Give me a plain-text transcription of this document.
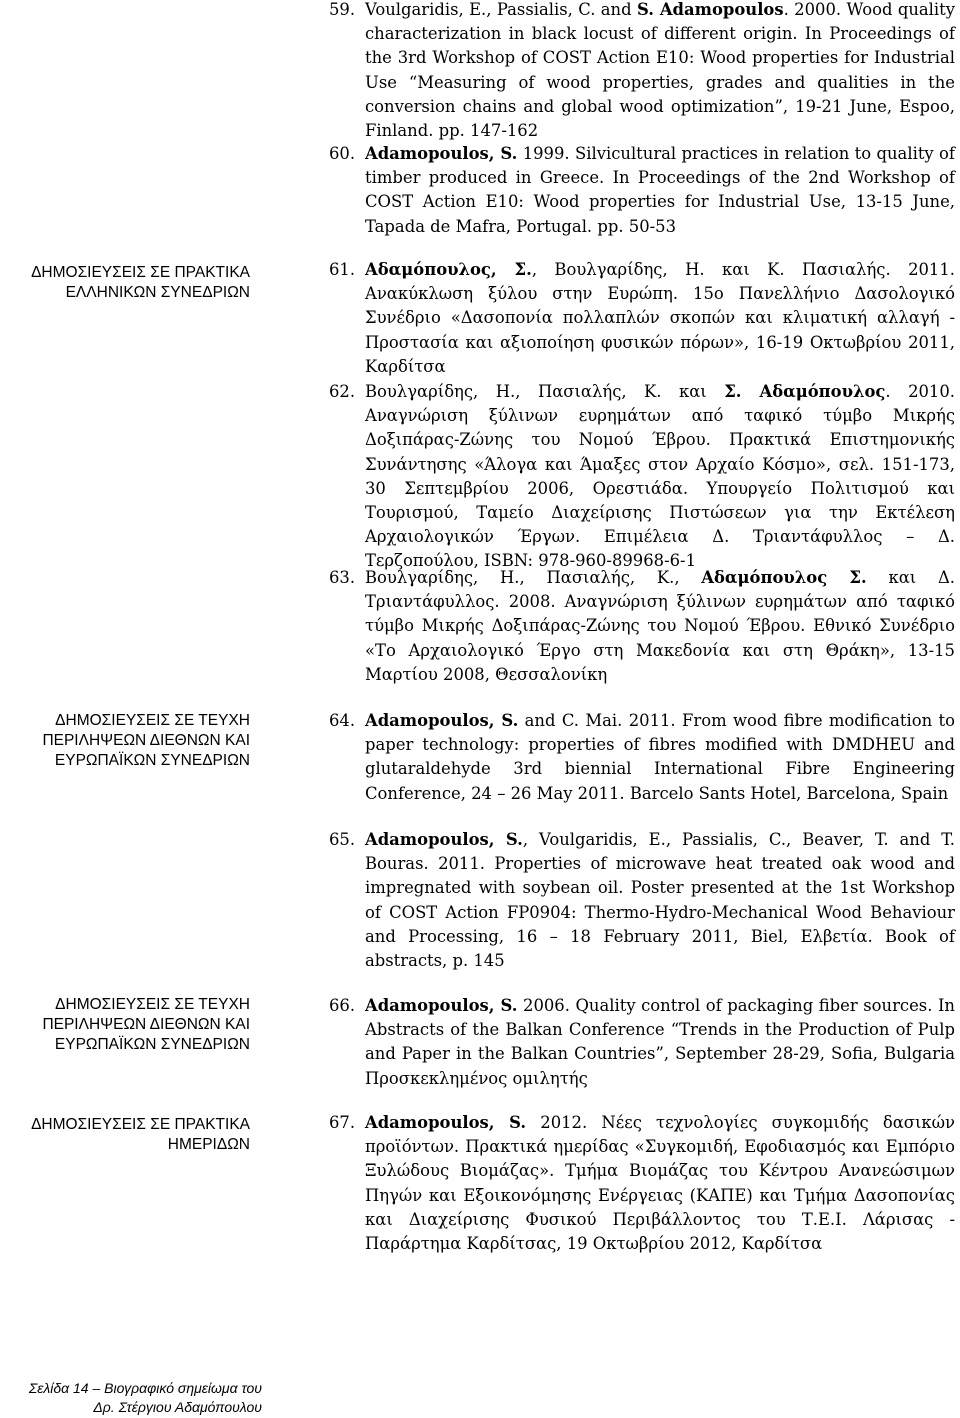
ΔΗΜΟΣΙΕΥΣΕΙΣ ΣΕ ΠΡΑΚΤΙΚΑ
ΕΛΛΗΝΙΚΩΝ ΣΥΝΕΔΡΙΩΝ
ΔΗΜΟΣΙΕΥΣΕΙΣ ΣΕ ΤΕΥΧΗ
ΠΕΡΙΛΗΨΕΩΝ ΔΙΕΘΝΩΝ ΚΑΙ
ΕΥΡΩΠΑΪΚΩΝ ΣΥΝΕΔΡΙΩΝ
ΔΗΜΟΣΙΕΥΣΕΙΣ ΣΕ ΤΕΥΧΗ
ΠΕΡΙΛΗΨΕΩΝ ΔΙΕΘΝΩΝ ΚΑΙ
ΕΥΡΩΠΑΪΚΩΝ ΣΥΝΕΔΡΙΩΝ
ΔΗΜΟΣΙΕΥΣΕΙΣ ΣΕ ΠΡΑΚΤΙΚΑ
ΗΜΕΡΙΔΩΝ
59. Voulgaridis, E., Passialis, C. and S. Adamopoulos. 2000. Wood quality characterization in black locust of different origin. In Proceedings of the 3rd Workshop of COST Action E10: Wood properties for Industrial Use “Measuring of wood properties, grades and qualities in the conversion chains and global wood optimization”, 19-21 June, Espoo, Finland. pp. 147-162
60. Adamopoulos, S. 1999. Silvicultural practices in relation to quality of timber produced in Greece. In Proceedings of the 2nd Workshop of COST Action E10: Wood properties for Industrial Use, 13-15 June, Tapada de Mafra, Portugal. pp. 50-53
61. Αδαμόπουλος, Σ., Βουλγαρίδης, Η. και Κ. Πασιαλής. 2011. Ανακύκλωση ξύλου στην Ευρώπη. 15ο Πανελλήνιο Δασολογικό Συνέδριο «Δασοπονία πολλαπλών σκοπών και κλιματική αλλαγή - Προστασία και αξιοποίηση φυσικών πόρων», 16-19 Οκτωβρίου 2011, Καρδίτσα
62. Βουλγαρίδης, Η., Πασιαλής, Κ. και Σ. Αδαμόπουλος. 2010. Αναγνώριση ξύλινων ευρημάτων από ταφικό τύμβο Μικρής Δοξιπάρας-Ζώνης του Νομού Έβρου. Πρακτικά Επιστημονικής Συνάντησης «Άλογα και Άμαξες στον Αρχαίο Κόσμο», σελ. 151-173, 30 Σεπτεμβρίου 2006, Ορεστιάδα. Υπουργείο Πολιτισμού και Τουρισμού, Ταμείο Διαχείρισης Πιστώσεων για την Εκτέλεση Αρχαιολογικών Έργων. Επιμέλεια Δ. Τριαντάφυλλος – Δ. Τερζοπούλου, ISBN: 978-960-89968-6-1
63. Βουλγαρίδης, Η., Πασιαλής, Κ., Αδαμόπουλος Σ. και Δ. Τριαντάφυλλος. 2008. Αναγνώριση ξύλινων ευρημάτων από ταφικό τύμβο Μικρής Δοξιπάρας-Ζώνης του Νομού Έβρου. Εθνικό Συνέδριο «Το Αρχαιολογικό Έργο στη Μακεδονία και στη Θράκη», 13-15 Μαρτίου 2008, Θεσσαλονίκη
64. Adamopoulos, S. and C. Mai. 2011. From wood fibre modification to paper technology: properties of fibres modified with DMDHEU and glutaraldehyde 3rd biennial International Fibre Engineering Conference, 24 – 26 May 2011. Barcelo Sants Hotel, Barcelona, Spain
65. Adamopoulos, S., Voulgaridis, E., Passialis, C., Beaver, T. and T. Bouras. 2011. Properties of microwave heat treated oak wood and impregnated with soybean oil. Poster presented at the 1st Workshop of COST Action FP0904: Thermo-Hydro-Mechanical Wood Behaviour and Processing, 16 – 18 February 2011, Biel, Ελβετία. Book of abstracts, p. 145
66. Adamopoulos, S. 2006. Quality control of packaging fiber sources. In Abstracts of the Balkan Conference “Trends in the Production of Pulp and Paper in the Balkan Countries”, September 28-29, Sofia, Bulgaria Προσκεκλημένος ομιλητής
67. Adamopoulos, S. 2012. Νέες τεχνολογίες συγκομιδής δασικών προϊόντων. Πρακτικά ημερίδας «Συγκομιδή, Εφοδιασμός και Εμπόριο Ξυλώδους Βιομάζας». Τμήμα Βιομάζας του Κέντρου Ανανεώσιμων Πηγών και Εξοικονόμησης Ενέργειας (ΚΑΠΕ) και Τμήμα Δασοπονίας και Διαχείρισης Φυσικού Περιβάλλοντος του Τ.Ε.Ι. Λάρισας - Παράρτημα Καρδίτσας, 19 Οκτωβρίου 2012, Καρδίτσα
Σελίδα 14 – Βιογραφικό σημείωμα του
Δρ. Στέργιου Αδαμόπουλου
